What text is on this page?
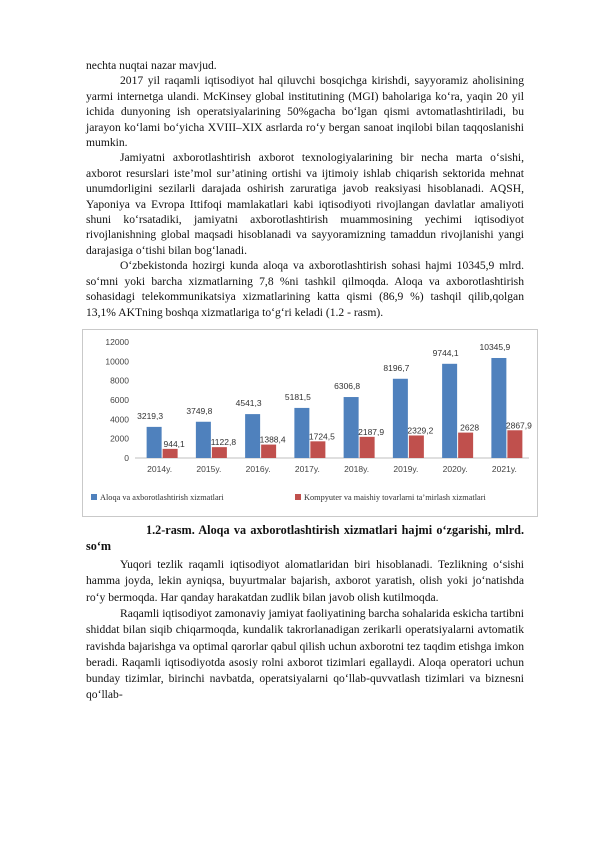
nechta nuqtai nazar mavjud.

2017 yil raqamli iqtisodiyot hal qiluvchi bosqichga kirishdi, sayyoramiz aholisining yarmi internetga ulandi. McKinsey global institutining (MGI) baholariga ko‘ra, yaqin 20 yil ichida dunyoning ish operatsiyalarining 50%gacha bo‘lgan qismi avtomatlashtiriladi, bu jarayon ko‘lami bo‘yicha XVIII–XIX asrlarda ro‘y bergan sanoat inqilobi bilan taqqoslanishi mumkin.

Jamiyatni axborotlashtirish axborot texnologiyalarining bir necha marta o‘sishi, axborot resurslari iste’mol sur’atining ortishi va ijtimoiy ishlab chiqarish sektorida mehnat unumdorligini sezilarli darajada oshirish zaruratiga javob reaksiyasi hisoblanadi. AQSH, Yaponiya va Evropa Ittifoqi mamlakatlari kabi iqtisodiyoti rivojlangan davlatlar amaliyoti shuni ko‘rsatadiki, jamiyatni axborotlashtirish muammosining yechimi iqtisodiyot rivojlanishning global maqsadi hisoblanadi va sayyoramizning tamaddun rivojlanishi yangi darajasiga o‘tishi bilan bog‘lanadi.

O‘zbekistonda hozirgi kunda aloqa va axborotlashtirish sohasi hajmi 10345,9 mlrd. so‘mni yoki barcha xizmatlarning 7,8 %ni tashkil qilmoqda. Aloqa va axborotlashtirish sohasidagi telekommunikatsiya xizmatlarining katta qismi (86,9 %) tashqil qilib,qolgan 13,1% AKTning boshqa xizmatlariga to‘g‘ri keladi (1.2 - rasm).

0
2000
4000
6000
8000
10000
12000
3219,3
944,1
2014y.
3749,8
1122,8
2015y.
4541,3
1388,4
2016y.
5181,5
1724,5
2017y.
6306,8
2187,9
2018y.
8196,7
2329,2
2019y.
9744,1
2628
2020y.
10345,9
2867,9
2021y.
Aloqa va axborotlashtirish xizmatlari	Kompyuter va maishiy tovarlarni ta’mirlash xizmatlari
1.2-rasm. Aloqa va axborotlashtirish xizmatlari hajmi o‘zgarishi, mlrd. so‘m

Yuqori tezlik raqamli iqtisodiyot alomatlaridan biri hisoblanadi. Tezlikning o‘sishi hamma joyda, lekin ayniqsa, buyurtmalar bajarish, axborot yaratish, olish yoki jo‘natishda ro‘y bermoqda. Har qanday harakatdan zudlik bilan javob olish kutilmoqda.

Raqamli iqtisodiyot zamonaviy jamiyat faoliyatining barcha sohalarida eskicha tartibni shiddat bilan siqib chiqarmoqda, kundalik takrorlanadigan zerikarli operatsiyalarni avtomatik ravishda bajarishga va optimal qarorlar qabul qilish uchun axborotni tez taqdim etishga imkon beradi. Raqamli iqtisodiyotda asosiy rolni axborot tizimlari egallaydi. Aloqa operatori uchun bunday tizimlar, birinchi navbatda, operatsiyalarni qo‘llab-quvvatlash tizimlari va biznesni qo‘llab-
